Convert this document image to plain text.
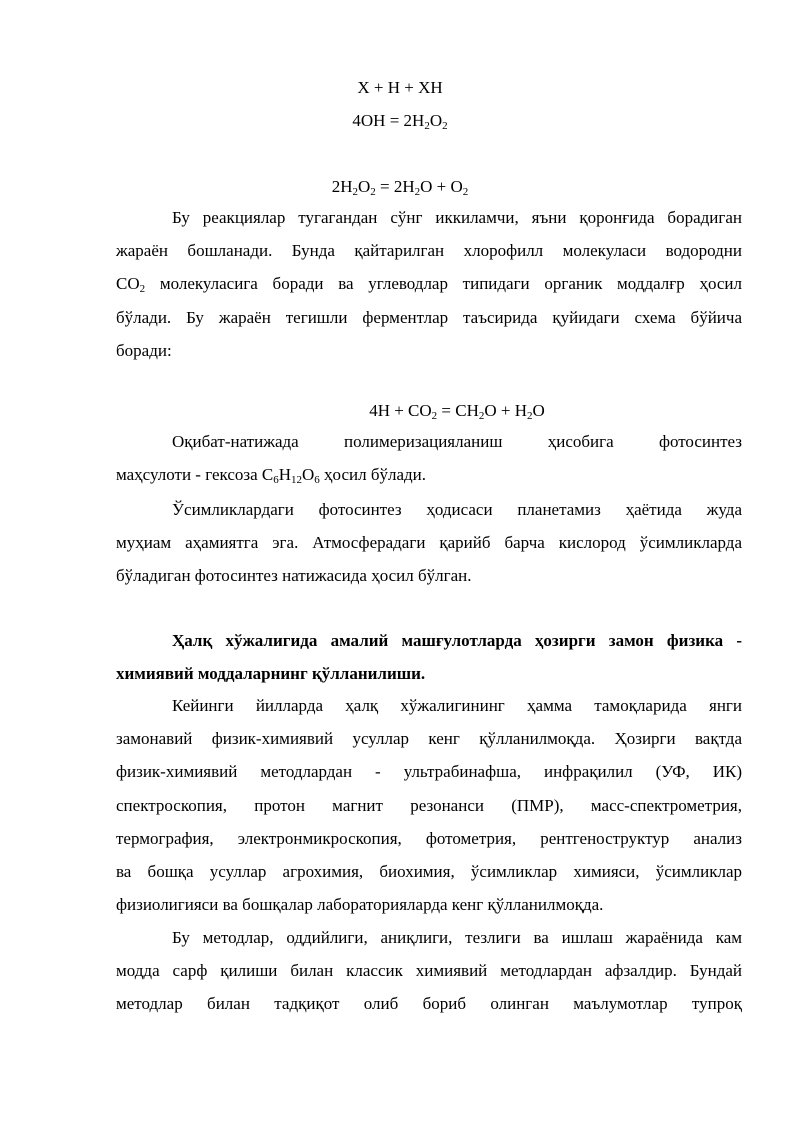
Х + Н + ХН
$4ОН = 2Н_2О_2$
$2Н_2О_2 = 2Н_2О + О_2$
Бу реакциялар тугагандан сўнг иккиламчи, яъни қоронғида борадиган
жараён бошланади. Бунда қайтарилган хлорофилл молекуласи водородни
$СО_2$ молекуласига боради ва углеводлар типидаги органик моддалғр ҳосил
бўлади. Бу жараён тегишли ферментлар таъсирида қуйидаги схема бўйича
боради:
$4Н + СО_2 = СН_2О + Н_2О$
Оқибат-натижада полимеризацияланиш ҳисобига фотосинтез
маҳсулоти - гексоза $С_6Н_{12}О_6$ ҳосил бўлади.
Ўсимликлардаги фотосинтез ҳодисаси планетамиз ҳаётида жуда
муҳиам аҳамиятга эга. Атмосферадаги қарийб барча кислород ўсимликларда
бўладиган фотосинтез натижасида ҳосил бўлган.
Ҳалқ хўжалигида амалий машғулотларда ҳозирги замон физика -
химиявий моддаларнинг қўлланилиши.
Кейинги йилларда ҳалқ хўжалигининг ҳамма тамоқларида янги
замонавий физик-химиявий усуллар кенг қўлланилмоқда. Ҳозирги вақтда
физик-химиявий методлардан - ультрабинафша, инфрақилил (УФ, ИК)
спектроскопия, протон магнит резонанси (ПМР), масс-спектрометрия,
термография, электронмикроскопия, фотометрия, рентгеноструктур анализ
ва бошқа усуллар агрохимия, биохимия, ўсимликлар химияси, ўсимликлар
физиолигияси ва бошқалар лабораторияларда кенг қўлланилмоқда.
Бу методлар, оддийлиги, аниқлиги, тезлиги ва ишлаш жараёнида кам
модда сарф қилиши билан классик химиявий методлардан афзалдир. Бундай
методлар билан тадқиқот олиб бориб олинган маълумотлар тупроқ
